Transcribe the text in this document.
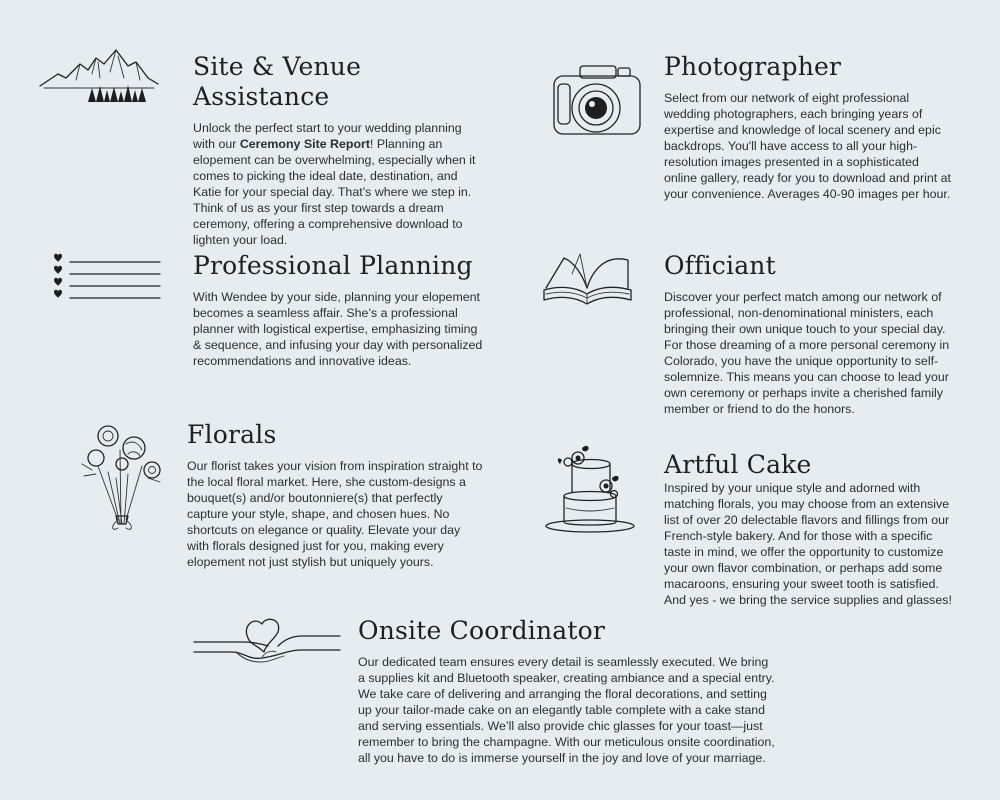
Site & Venue Assistance

Unlock the perfect start to your wedding planning with our Ceremony Site Report! Planning an elopement can be overwhelming, especially when it comes to picking the ideal date, destination, and Katie for your special day. That’s where we step in. Think of us as your first step towards a dream ceremony, offering a comprehensive download to lighten your load.

Photographer

Select from our network of eight professional wedding photographers, each bringing years of expertise and knowledge of local scenery and epic backdrops. You'll have access to all your high-resolution images presented in a sophisticated online gallery, ready for you to download and print at your convenience. Averages 40-90 images per hour.

Professional Planning

With Wendee by your side, planning your elopement becomes a seamless affair. She’s a professional planner with logistical expertise, emphasizing timing & sequence, and infusing your day with personalized recommendations and innovative ideas.

Officiant

Discover your perfect match among our network of professional, non-denominational ministers, each bringing their own unique touch to your special day. For those dreaming of a more personal ceremony in Colorado, you have the unique opportunity to self-solemnize. This means you can choose to lead your own ceremony or perhaps invite a cherished family member or friend to do the honors.

Florals

Our florist takes your vision from inspiration straight to the local floral market. Here, she custom-designs a bouquet(s) and/or boutonniere(s) that perfectly capture your style, shape, and chosen hues. No shortcuts on elegance or quality. Elevate your day with florals designed just for you, making every elopement not just stylish but uniquely yours.

Artful Cake

Inspired by your unique style and adorned with matching florals, you may choose from an extensive list of over 20 delectable flavors and fillings from our French-style bakery. And for those with a specific taste in mind, we offer the opportunity to customize your own flavor combination, or perhaps add some macaroons, ensuring your sweet tooth is satisfied. And yes - we bring the service supplies and glasses!

Onsite Coordinator

Our dedicated team ensures every detail is seamlessly executed. We bring a supplies kit and Bluetooth speaker, creating ambiance and a special entry. We take care of delivering and arranging the floral decorations, and setting up your tailor-made cake on an elegantly table complete with a cake stand and serving essentials. We’ll also provide chic glasses for your toast—just remember to bring the champagne. With our meticulous onsite coordination, all you have to do is immerse yourself in the joy and love of your marriage.
